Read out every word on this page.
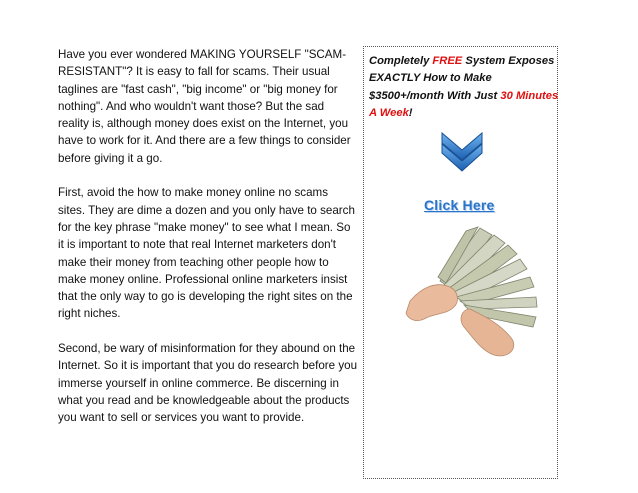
Have you ever wondered MAKING YOURSELF "SCAM-RESISTANT"? It is easy to fall for scams. Their usual taglines are "fast cash", "big income" or "big money for nothing". And who wouldn't want those? But the sad reality is, although money does exist on the Internet, you have to work for it. And there are a few things to consider before giving it a go.

First, avoid the how to make money online no scams sites. They are dime a dozen and you only have to search for the key phrase "make money" to see what I mean. So it is important to note that real Internet marketers don't make their money from teaching other people how to make money online. Professional online marketers insist that the only way to go is developing the right sites on the right niches.

Second, be wary of misinformation for they abound on the Internet. So it is important that you do research before you immerse yourself in online commerce. Be discerning in what you read and be knowledgeable about the products you want to sell or services you want to provide.

Completely FREE System Exposes EXACTLY How to Make $3500+/month With Just 30 Minutes A Week!
Click Here
